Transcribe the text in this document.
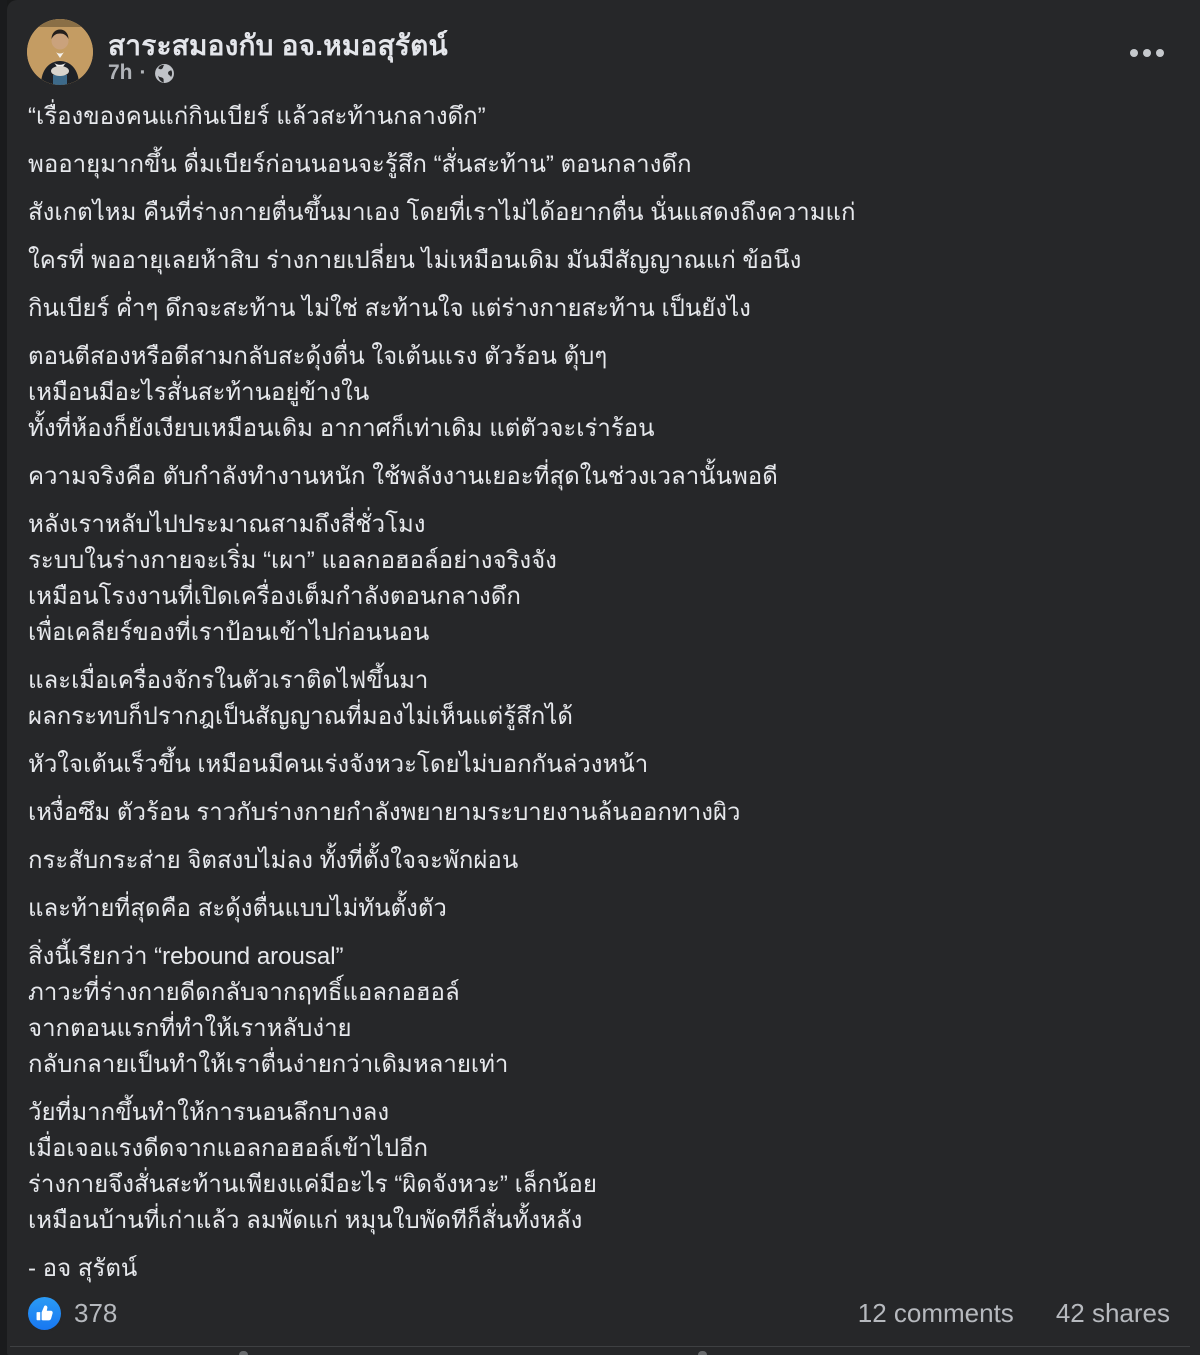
สาระสมองกับ อจ.หมอสุรัตน์
7h ·
“เรื่องของคนแก่กินเบียร์ แล้วสะท้านกลางดึก”
พออายุมากขึ้น ดื่มเบียร์ก่อนนอนจะรู้สึก “สั่นสะท้าน” ตอนกลางดึก
สังเกตไหม คืนที่ร่างกายตื่นขึ้นมาเอง โดยที่เราไม่ได้อยากตื่น นั่นแสดงถึงความแก่
ใครที่ พออายุเลยห้าสิบ ร่างกายเปลี่ยน ไม่เหมือนเดิม มันมีสัญญาณแก่ ข้อนึง
กินเบียร์ ค่ำๆ ดึกจะสะท้าน ไม่ใช่ สะท้านใจ แต่ร่างกายสะท้าน เป็นยังไง
ตอนตีสองหรือตีสามกลับสะดุ้งตื่น ใจเต้นแรง ตัวร้อน ตุ้บๆ
เหมือนมีอะไรสั่นสะท้านอยู่ข้างใน
ทั้งที่ห้องก็ยังเงียบเหมือนเดิม อากาศก็เท่าเดิม แต่ตัวจะเร่าร้อน
ความจริงคือ ตับกำลังทำงานหนัก ใช้พลังงานเยอะที่สุดในช่วงเวลานั้นพอดี
หลังเราหลับไปประมาณสามถึงสี่ชั่วโมง
ระบบในร่างกายจะเริ่ม “เผา” แอลกอฮอล์อย่างจริงจัง
เหมือนโรงงานที่เปิดเครื่องเต็มกำลังตอนกลางดึก
เพื่อเคลียร์ของที่เราป้อนเข้าไปก่อนนอน
และเมื่อเครื่องจักรในตัวเราติดไฟขึ้นมา
ผลกระทบก็ปรากฎเป็นสัญญาณที่มองไม่เห็นแต่รู้สึกได้
หัวใจเต้นเร็วขึ้น เหมือนมีคนเร่งจังหวะโดยไม่บอกกันล่วงหน้า
เหงื่อซึม ตัวร้อน ราวกับร่างกายกำลังพยายามระบายงานล้นออกทางผิว
กระสับกระส่าย จิตสงบไม่ลง ทั้งที่ตั้งใจจะพักผ่อน
และท้ายที่สุดคือ สะดุ้งตื่นแบบไม่ทันตั้งตัว
สิ่งนี้เรียกว่า “rebound arousal”
ภาวะที่ร่างกายดีดกลับจากฤทธิ์แอลกอฮอล์
จากตอนแรกที่ทำให้เราหลับง่าย
กลับกลายเป็นทำให้เราตื่นง่ายกว่าเดิมหลายเท่า
วัยที่มากขึ้นทำให้การนอนลึกบางลง
เมื่อเจอแรงดีดจากแอลกอฮอล์เข้าไปอีก
ร่างกายจึงสั่นสะท้านเพียงแค่มีอะไร “ผิดจังหวะ” เล็กน้อย
เหมือนบ้านที่เก่าแล้ว ลมพัดแก่ หมุนใบพัดทีก็สั่นทั้งหลัง
- อจ สุรัตน์
378	12 comments 42 shares
